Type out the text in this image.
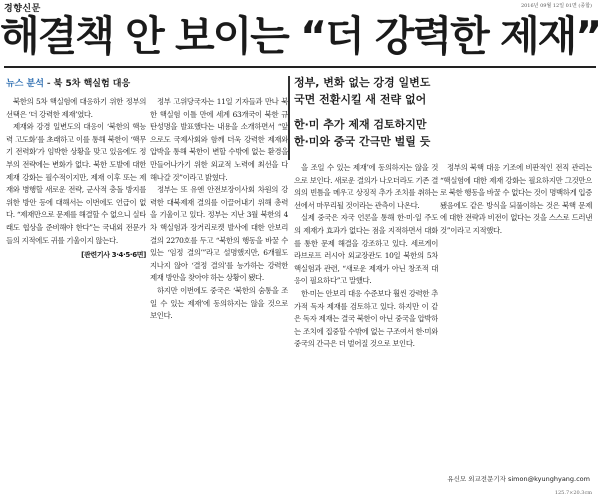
경향신문	2016년 09월 12일 01면 (종합)
해결책 안 보이는 “더 강력한 제재”
뉴스 분석 - 북 5차 핵실험 대응	정부, 변화 없는 강경 일변도
국면 전환시킬 새 전략 없어
한·미 추가 제재 검토하지만
한·미와 중국 간극만 벌릴 듯

북한의 5차 핵실험에 대응하기 위한 정부의 선택은 ‘더 강력한 제재’였다.

제재와 강경 일변도의 대응이 ‘북한의 핵능력 고도화’를 초래하고 이를 통해 북한이 ‘핵무기 전력화’가 임박한 상황을 맞고 있음에도 정부의 전략에는 변화가 없다. 북한 도발에 대한 제재 강화는 필수적이지만, 제재 이후 또는 제재와 병행할 새로운 전략, 군사적 충돌 방지를 위한 방안 등에 대해서는 이번에도 언급이 없다. “제재만으로 문제를 해결할 수 없으니 실타래도 협상을 준비해야 한다”는 국내외 전문가들의 지적에도 귀를 기울이지 않는다.

[관련기사 3·4·5·6면]

정부 고위당국자는 11일 기자들과 만나 북한 핵실험 이틀 만에 세계 63개국이 북한 규탄성명을 발표했다는 내용을 소개하면서 “앞으로도 국제사회와 함께 더욱 강력한 제재와 압박을 통해 북한이 변할 수밖에 없는 환경을 만들어나가기 위한 외교적 노력에 최선을 다해나갈 것”이라고 밝혔다.

정부는 또 유엔 안전보장이사회 차원의 강력한 대북제재 결의를 이끌어내기 위해 총력을 기울이고 있다. 정부는 지난 3월 북한의 4차 핵실험과 장거리로켓 발사에 대한 안보리 결의 2270호를 두고 “북한의 행동을 바꿀 수 있는 ‘임정 결의’”라고 설명했지만, 6개월도 지나지 않아 ‘결정 결의’를 능가하는 강력한 제재 방안을 찾아야 하는 상황이 됐다.

하지만 이번에도 중국은 ‘북한의 숨통을 조일 수 있는 제재’에 동의하지는 않을 것으로 보인다.

을 조일 수 있는 제재’에 동의하지는 않을 것으로 보인다. 새로운 결의가 나오더라도 기존 결의의 빈틈을 메우고 상징적 추가 조치를 취하는 선에서 마무리될 것이라는 관측이 나온다.

실제 중국은 자국 언론을 통해 한·미·일 주도의 제재가 효과가 없다는 점을 지적하면서 대화를 통한 문제 해결을 강조하고 있다. 세르게이 라브로프 러시아 외교장관도 10일 북한의 5차 핵실험과 관련, “새로운 제재가 아닌 창조적 대응이 필요하다”고 말했다.

한·미는 안보리 대응 수준보다 훨씬 강력한 추가적 독자 제재를 검토하고 있다. 하지만 이 같은 독자 제재는 결국 북한이 아닌 중국을 압박하는 조치에 집중할 수밖에 없는 구조여서 한·미와 중국의 간극은 더 벌어질 것으로 보인다.

정부의 북핵 대응 기조에 비판적인 전직 관리는 “핵실험에 대한 제재 강화는 필요하지만 그것만으로 북한 행동을 바꿀 수 없다는 것이 명백하게 입증됐음에도 같은 방식을 되풀이하는 것은 북핵 문제에 대한 전략과 비전이 없다는 것을 스스로 드러낸 것”이라고 지적했다.

유신모 외교전문기자 simon@kyunghyang.com
125.7×20.3cm
